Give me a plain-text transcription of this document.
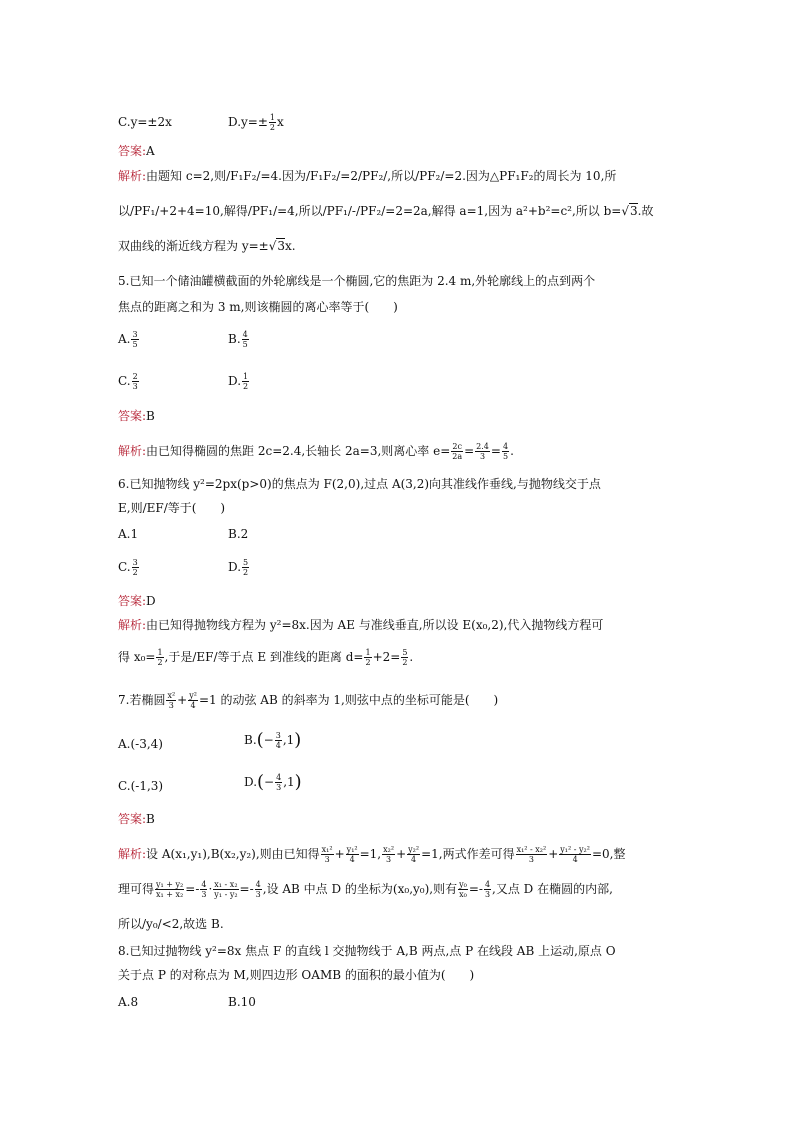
C.y=±2x	$D.y=\pm \frac{1}{2}$ x
答案:A
解析:由题知 c=2,则/F₁F₂/=4.因为/F₁F₂/=2/PF₂/,所以/PF₂/=2.因为△PF₁F₂的周长为 10,所
以/PF₁/+2+4=10,解得/PF₁/=4,所以/PF₁/-/PF₂/=2=2a,解得 a=1,因为 a²+b²=c²,所以 b=√3.故
双曲线的渐近线方程为 y=±√3x.
5.已知一个储油罐横截面的外轮廓线是一个椭圆,它的焦距为 2.4 m,外轮廓线上的点到两个
焦点的距离之和为 3 m,则该椭圆的离心率等于(　　)
A. $\frac{3}{5}$	B. $\frac{4}{5}$
C. $\frac{2}{3}$	D. $\frac{1}{2}$
答案:B
解析:由已知得椭圆的焦距 2c=2.4,长轴长 2a=3,则离心率 $e= \frac{2c}{2a} = \frac{2.4}{3} = \frac{4}{5}$ .
6.已知抛物线 y²=2px(p>0)的焦点为 F(2,0),过点 A(3,2)向其准线作垂线,与抛物线交于点
E,则/EF/等于(　　)
A.1	B.2
C. $\frac{3}{2}$	D. $\frac{5}{2}$
答案:D
解析:由已知得抛物线方程为 y²=8x.因为 AE 与准线垂直,所以设 E(x₀,2),代入抛物线方程可
得 $x_0= \frac{1}{2}$ ,于是/EF/等于点 E 到准线的距离 $d= \frac{1}{2} +2= \frac{5}{2}$ .
7.若椭圆 $\frac{\text{x²}}{3} + \frac{\text{y²}}{4} =1$ 的动弦 AB 的斜率为 1,则弦中点的坐标可能是(　　)
A.(-3,4)	$B.(- \frac{3}{4} ,1)$
C.(-1,3)	$D.(- \frac{4}{3} ,1)$
答案:B
解析:设 A(x₁,y₁),B(x₂,y₂),则由已知得 $\frac{\text{x₁²}}{3} + \frac{\text{y₁²}}{4} =1$, $\frac{\text{x₂²}}{3} + \frac{\text{y₂²}}{4} =1$,两式作差可得 $\frac{\text{x₁² - x₂²}}{3} + \frac{\text{y₁² - y₂²}}{4} =0$,整
理可得 $\frac{\text{y₁ + y₂}}{\text{x₁ + x₂}} =- \frac{4}{3} \cdot \frac{\text{x₁ - x₂}}{\text{y₁ - y₂}} =- \frac{4}{3}$ ,设 AB 中点 D 的坐标为(x₀,y₀),则有 $\frac{\text{y₀}}{\text{x₀}} =- \frac{4}{3}$ ,又点 D 在椭圆的内部,
所以/y₀/<2,故选 B.
8.已知过抛物线 y²=8x 焦点 F 的直线 l 交抛物线于 A,B 两点,点 P 在线段 AB 上运动,原点 O
关于点 P 的对称点为 M,则四边形 OAMB 的面积的最小值为(　　)
A.8	B.10
